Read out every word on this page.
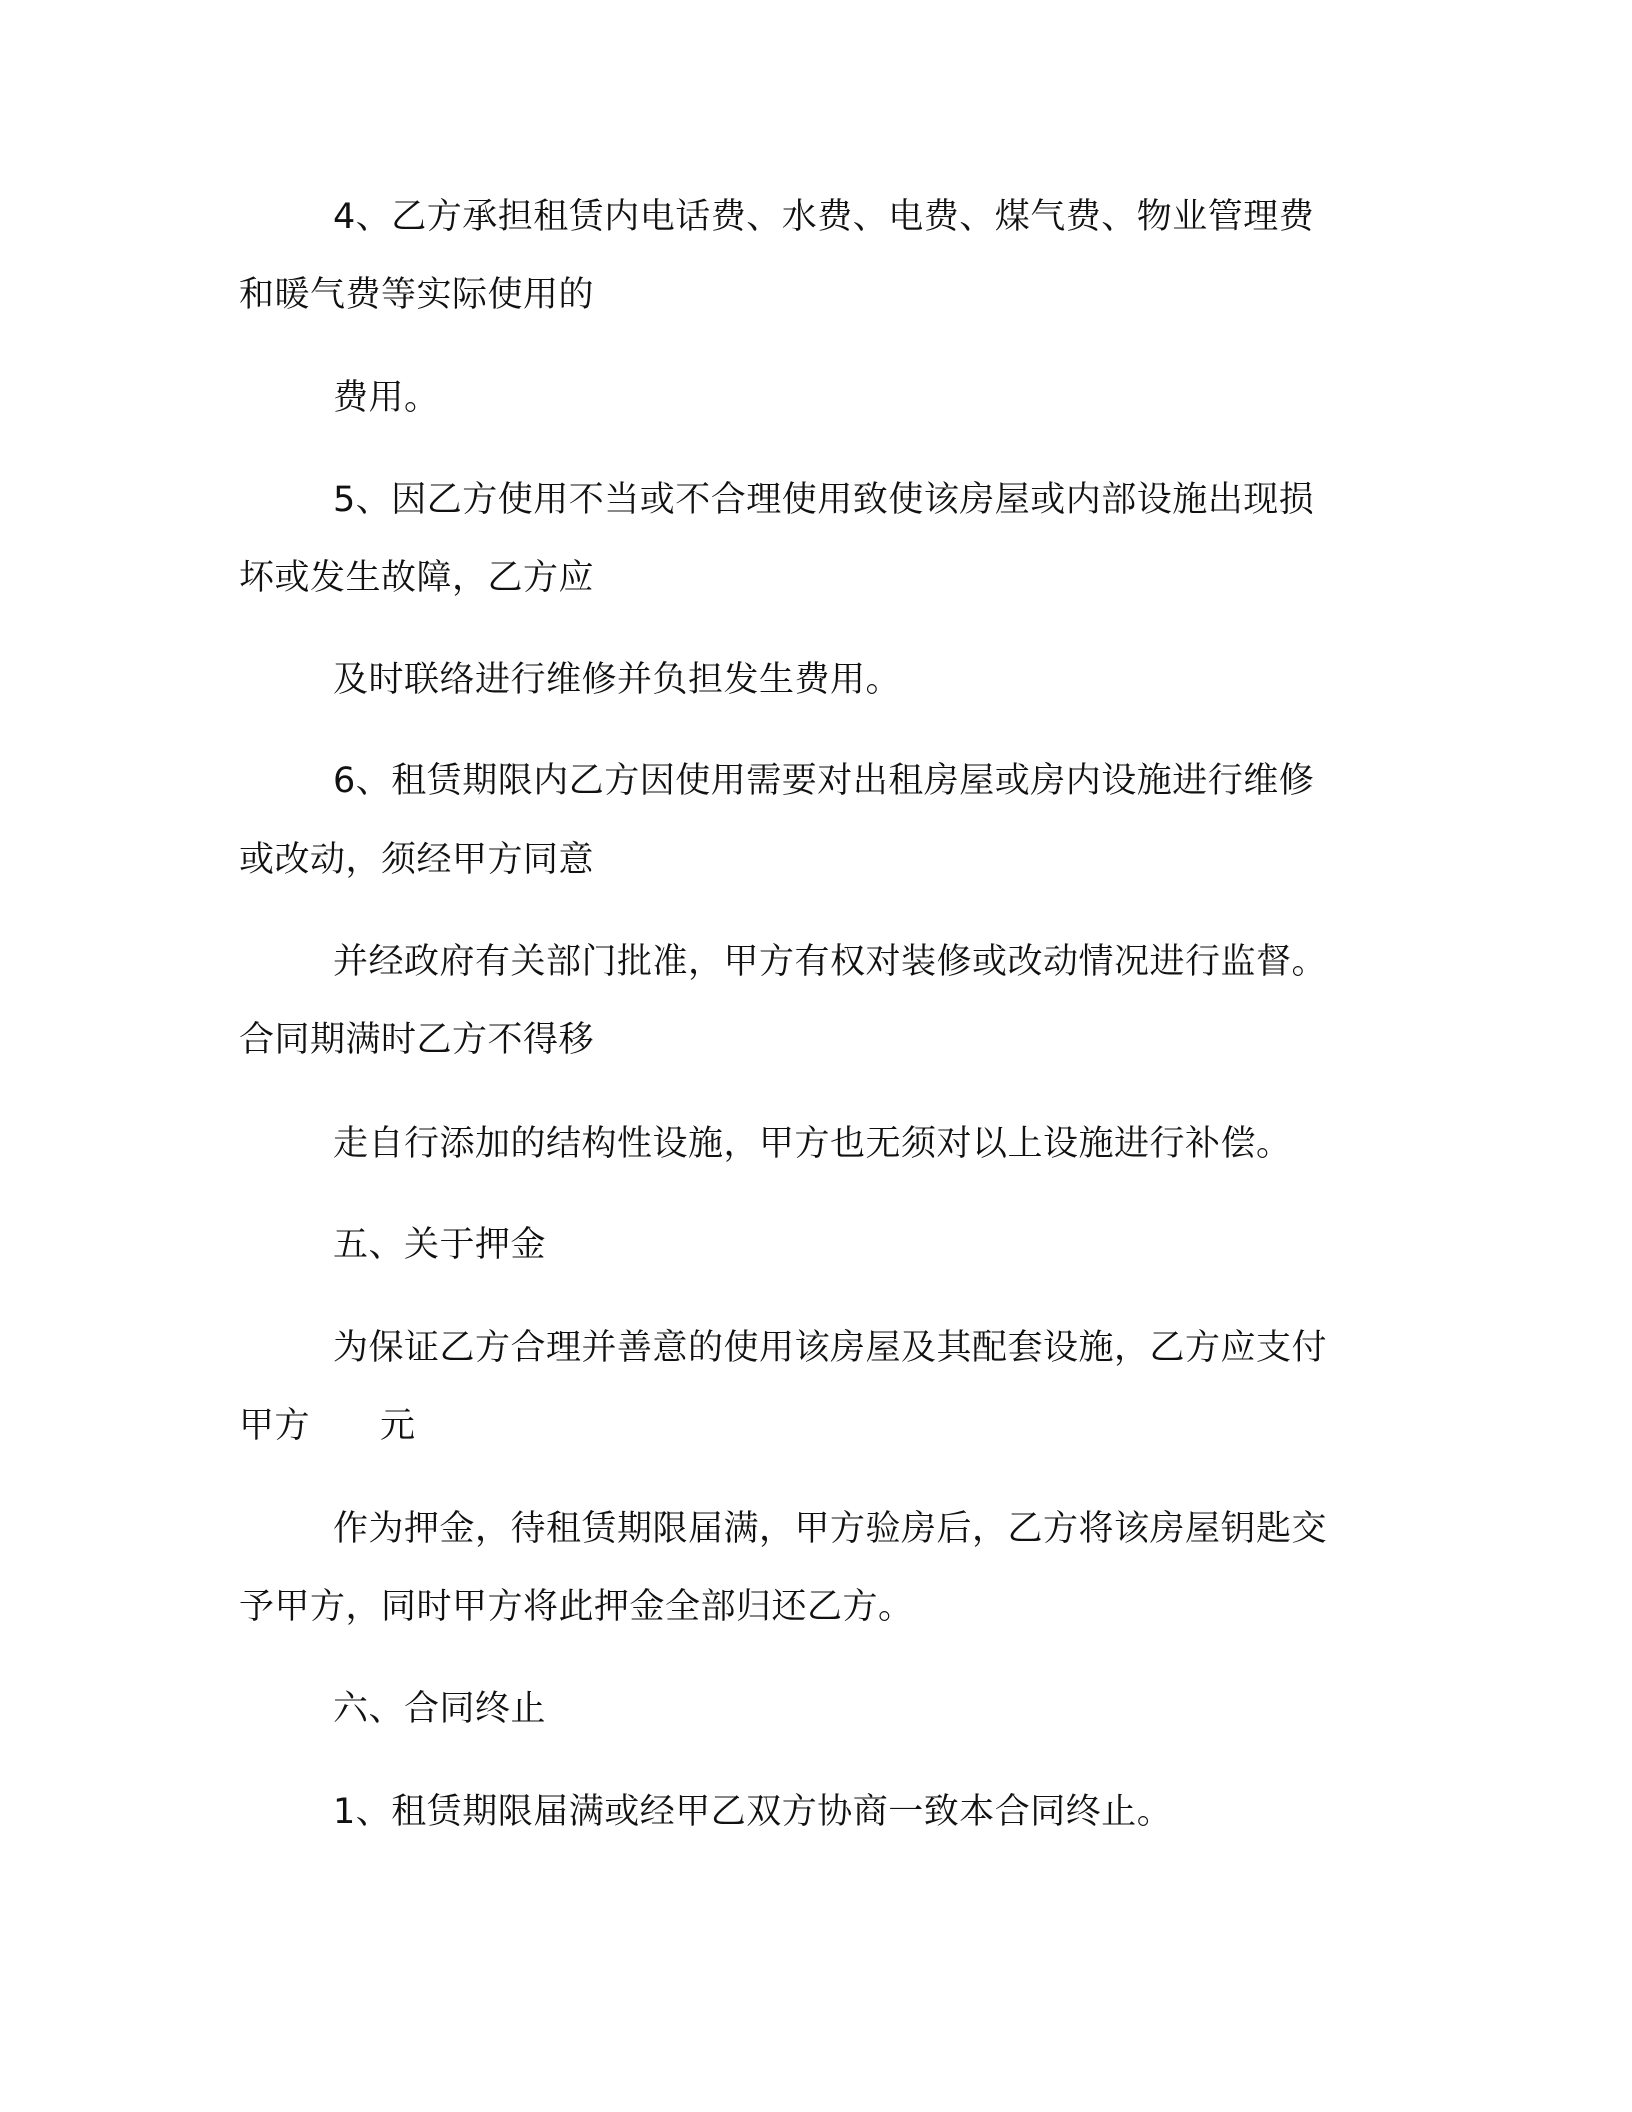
4、乙方承担租赁内电话费、水费、电费、煤气费、物业管理费
和暖气费等实际使用的
费用。
5、因乙方使用不当或不合理使用致使该房屋或内部设施出现损
坏或发生故障，乙方应
及时联络进行维修并负担发生费用。
6、租赁期限内乙方因使用需要对出租房屋或房内设施进行维修
或改动，须经甲方同意
并经政府有关部门批准，甲方有权对装修或改动情况进行监督。
合同期满时乙方不得移
走自行添加的结构性设施，甲方也无须对以上设施进行补偿。
五、关于押金
为保证乙方合理并善意的使用该房屋及其配套设施，乙方应支付
甲方 元
作为押金，待租赁期限届满，甲方验房后，乙方将该房屋钥匙交
予甲方，同时甲方将此押金全部归还乙方。
六、合同终止
1、租赁期限届满或经甲乙双方协商一致本合同终止。
